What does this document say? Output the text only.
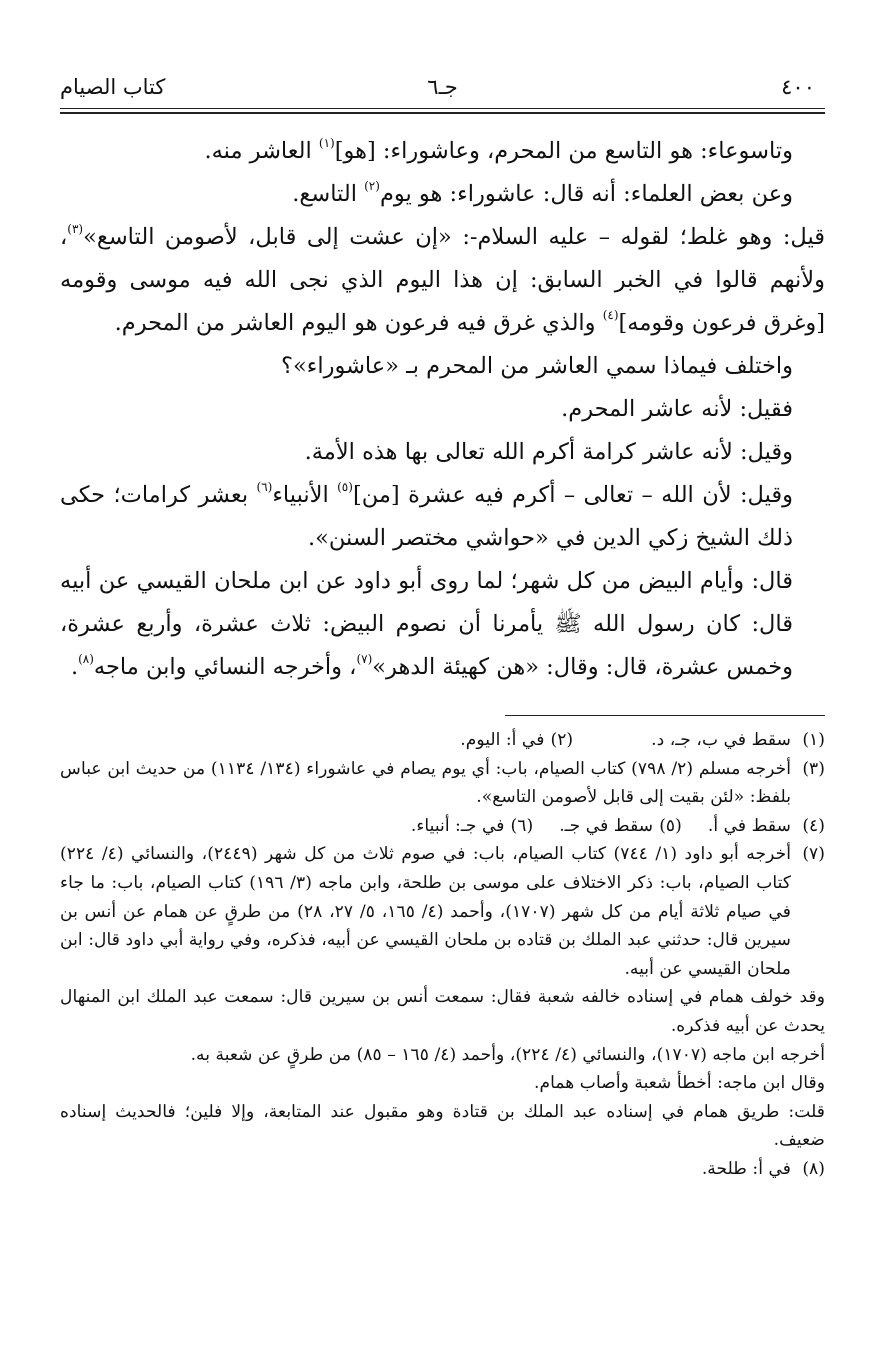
٤٠٠
جـ٦
كتاب الصيام

وتاسوعاء: هو التاسع من المحرم، وعاشوراء: [هو]$^{(١)}$ العاشر منه.

وعن بعض العلماء: أنه قال: عاشوراء: هو يوم$^{(٢)}$ التاسع.

قيل: وهو غلط؛ لقوله – عليه السلام-: «إن عشت إلى قابل، لأصومن التاسع»$^{(٣)}$، ولأنهم قالوا في الخبر السابق: إن هذا اليوم الذي نجى الله فيه موسى وقومه [وغرق فرعون وقومه]$^{(٤)}$ والذي غرق فيه فرعون هو اليوم العاشر من المحرم.

واختلف فيماذا سمي العاشر من المحرم بـ «عاشوراء»؟

فقيل: لأنه عاشر المحرم.

وقيل: لأنه عاشر كرامة أكرم الله تعالى بها هذه الأمة.

وقيل: لأن الله – تعالى – أكرم فيه عشرة [من]$^{(٥)}$ الأنبياء$^{(٦)}$ بعشر كرامات؛ حكى ذلك الشيخ زكي الدين في «حواشي مختصر السنن».

قال: وأيام البيض من كل شهر؛ لما روى أبو داود عن ابن ملحان القيسي عن أبيه قال: كان رسول الله ﷺ يأمرنا أن نصوم البيض: ثلاث عشرة، وأربع عشرة، وخمس عشرة، قال: وقال: «هن كهيئة الدهر»$^{(٧)}$، وأخرجه النسائي وابن ماجه$^{(٨)}$.

(١)
سقط في ب، جـ، د.(٢)في أ: اليوم.
(٣)
أخرجه مسلم (٢/ ٧٩٨) كتاب الصيام، باب: أي يوم يصام في عاشوراء (١٣٤/ ١١٣٤) من حديث ابن عباس بلفظ: «لئن بقيت إلى قابل لأصومن التاسع».
(٤)
سقط في أ.(٥)سقط في جـ.(٦)في جـ: أنبياء.
(٧)
أخرجه أبو داود (١/ ٧٤٤) كتاب الصيام، باب: في صوم ثلاث من كل شهر (٢٤٤٩)، والنسائي (٤/ ٢٢٤) كتاب الصيام، باب: ذكر الاختلاف على موسى بن طلحة، وابن ماجه (٣/ ١٩٦) كتاب الصيام، باب: ما جاء في صيام ثلاثة أيام من كل شهر (١٧٠٧)، وأحمد (٤/ ١٦٥، ٥/ ٢٧، ٢٨) من طرقٍ عن همام عن أنس بن سيرين قال: حدثني عبد الملك بن قتاده بن ملحان القيسي عن أبيه، فذكره، وفي رواية أبي داود قال: ابن ملحان القيسي عن أبيه.
وقد خولف همام في إسناده خالفه شعبة فقال: سمعت أنس بن سيرين قال: سمعت عبد الملك ابن المنهال يحدث عن أبيه فذكره.
أخرجه ابن ماجه (١٧٠٧)، والنسائي (٤/ ٢٢٤)، وأحمد (٤/ ١٦٥ – ٨٥) من طرقٍ عن شعبة به.
وقال ابن ماجه: أخطأ شعبة وأصاب همام.
قلت: طريق همام في إسناده عبد الملك بن قتادة وهو مقبول عند المتابعة، وإلا فلين؛ فالحديث إسناده ضعيف.
(٨)
في أ: طلحة.
